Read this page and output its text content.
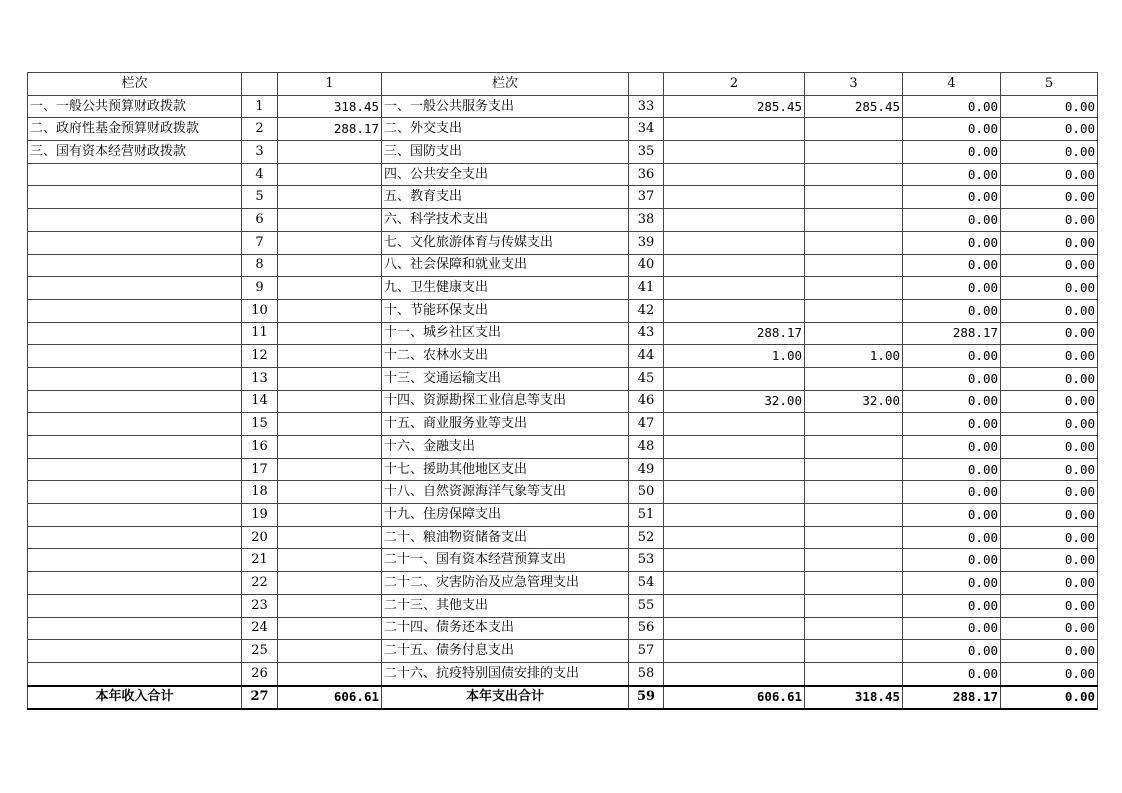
栏次		1	栏次		2	3	4	5
一、一般公共预算财政拨款	1	318.45	一、一般公共服务支出	33	285.45	285.45	0.00	0.00
二、政府性基金预算财政拨款	2	288.17	二、外交支出	34			0.00	0.00
三、国有资本经营财政拨款	3		三、国防支出	35			0.00	0.00
	4		四、公共安全支出	36			0.00	0.00
	5		五、教育支出	37			0.00	0.00
	6		六、科学技术支出	38			0.00	0.00
	7		七、文化旅游体育与传媒支出	39			0.00	0.00
	8		八、社会保障和就业支出	40			0.00	0.00
	9		九、卫生健康支出	41			0.00	0.00
	10		十、节能环保支出	42			0.00	0.00
	11		十一、城乡社区支出	43	288.17		288.17	0.00
	12		十二、农林水支出	44	1.00	1.00	0.00	0.00
	13		十三、交通运输支出	45			0.00	0.00
	14		十四、资源勘探工业信息等支出	46	32.00	32.00	0.00	0.00
	15		十五、商业服务业等支出	47			0.00	0.00
	16		十六、金融支出	48			0.00	0.00
	17		十七、援助其他地区支出	49			0.00	0.00
	18		十八、自然资源海洋气象等支出	50			0.00	0.00
	19		十九、住房保障支出	51			0.00	0.00
	20		二十、粮油物资储备支出	52			0.00	0.00
	21		二十一、国有资本经营预算支出	53			0.00	0.00
	22		二十二、灾害防治及应急管理支出	54			0.00	0.00
	23		二十三、其他支出	55			0.00	0.00
	24		二十四、债务还本支出	56			0.00	0.00
	25		二十五、债务付息支出	57			0.00	0.00
	26		二十六、抗疫特别国债安排的支出	58			0.00	0.00
本年收入合计	27	606.61	本年支出合计	59	606.61	318.45	288.17	0.00
